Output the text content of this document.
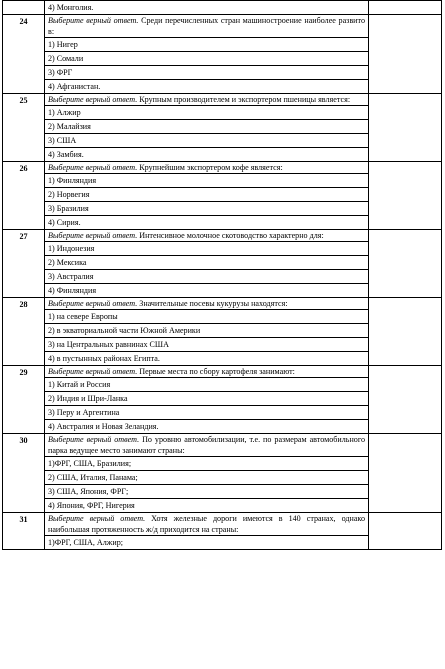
	4) Монголия.	
24	Выберите верный ответ. Среди перечисленных стран машиностроение наиболее развито в:	
	1) Нигер	
	2) Сомали	
	3) ФРГ	
	4) Афганистан.	
25	Выберите верный ответ. Крупным производителем и экспортером пшеницы является:	
	1) Алжир	
	2) Малайзия	
	3) США	
	4) Замбия.	
26	Выберите верный ответ. Крупнейшим экспортером кофе является:	
	1) Финляндия	
	2) Норвегия	
	3) Бразилия	
	4) Сирия.	
27	Выберите верный ответ. Интенсивное молочное скотоводство характерно для:	
	1) Индонезия	
	2) Мексика	
	3) Австралия	
	4) Финляндия	
28	Выберите верный ответ. Значительные посевы кукурузы находятся:	
	1) на севере Европы	
	2) в экваториальной части Южной Америки	
	3) на Центральных равнинах США	
	4) в пустынных районах Египта.	
29	Выберите верный ответ. Первые места по сбору картофеля занимают:	
	1) Китай и Россия	
	2) Индия и Шри-Ланка	
	3) Перу и Аргентина	
	4) Австралия и Новая Зеландия.	
30	Выберите верный ответ. По уровню автомобилизации, т.е. по размерам автомобильного парка ведущее место занимают страны:	
	1)ФРГ, США, Бразилия;	
	2) США, Италия, Панама;	
	3) США, Япония, ФРГ;	
	4) Япония, ФРГ, Нигерия	
31	Выберите верный ответ. Хотя железные дороги имеются в 140 странах, однако наибольшая протяженность ж/д приходится на страны:	
	1)ФРГ, США, Алжир;	
